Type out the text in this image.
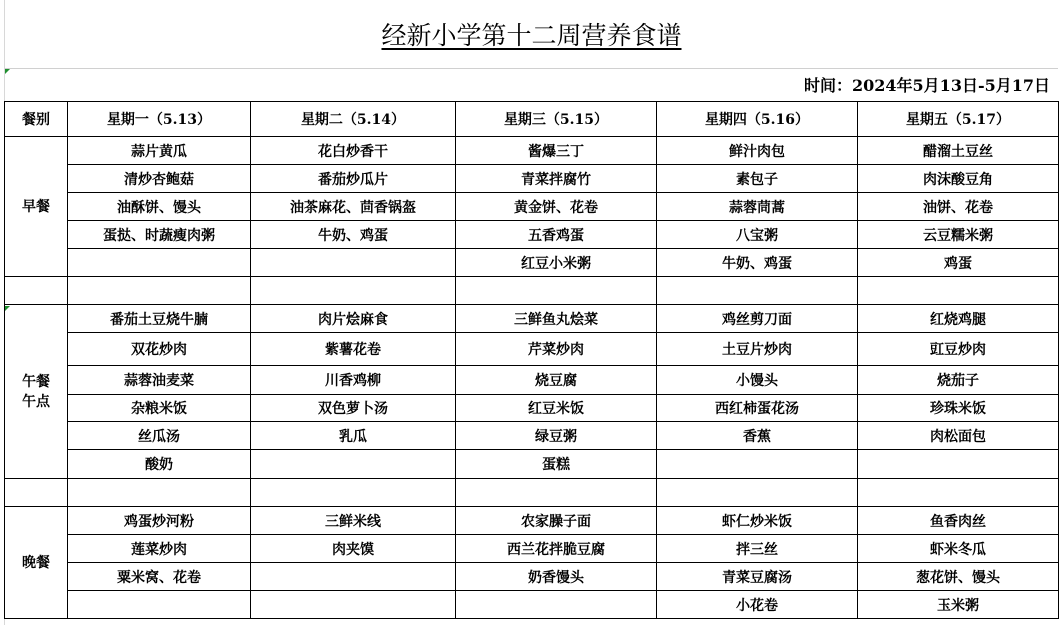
经新小学第十二周营养食谱
时间：2024年5月13日-5月17日
餐别	星期一（5.13）	星期二（5.14）	星期三（5.15）	星期四（5.16）	星期五（5.17）

早餐	蒜片黄瓜	花白炒香干	酱爆三丁	鲜汁肉包	醋溜土豆丝
	清炒杏鲍菇	番茄炒瓜片	青菜拌腐竹	素包子	肉沫酸豆角
	油酥饼、馒头	油茶麻花、茴香锅盔	黄金饼、花卷	蒜蓉茼蒿	油饼、花卷
	蛋挞、时蔬瘦肉粥	牛奶、鸡蛋	五香鸡蛋	八宝粥	云豆糯米粥
			红豆小米粥	牛奶、鸡蛋	鸡蛋

午餐
午点	番茄土豆烧牛腩	肉片烩麻食	三鲜鱼丸烩菜	鸡丝剪刀面	红烧鸡腿
	双花炒肉	紫薯花卷	芹菜炒肉	土豆片炒肉	豇豆炒肉
	蒜蓉油麦菜	川香鸡柳	烧豆腐	小馒头	烧茄子
	杂粮米饭	双色萝卜汤	红豆米饭	西红柿蛋花汤	珍珠米饭
	丝瓜汤	乳瓜	绿豆粥	香蕉	肉松面包
	酸奶		蛋糕		

晚餐	鸡蛋炒河粉	三鲜米线	农家臊子面	虾仁炒米饭	鱼香肉丝
	莲菜炒肉	肉夹馍	西兰花拌脆豆腐	拌三丝	虾米冬瓜
	粟米窝、花卷		奶香馒头	青菜豆腐汤	葱花饼、馒头
				小花卷	玉米粥
